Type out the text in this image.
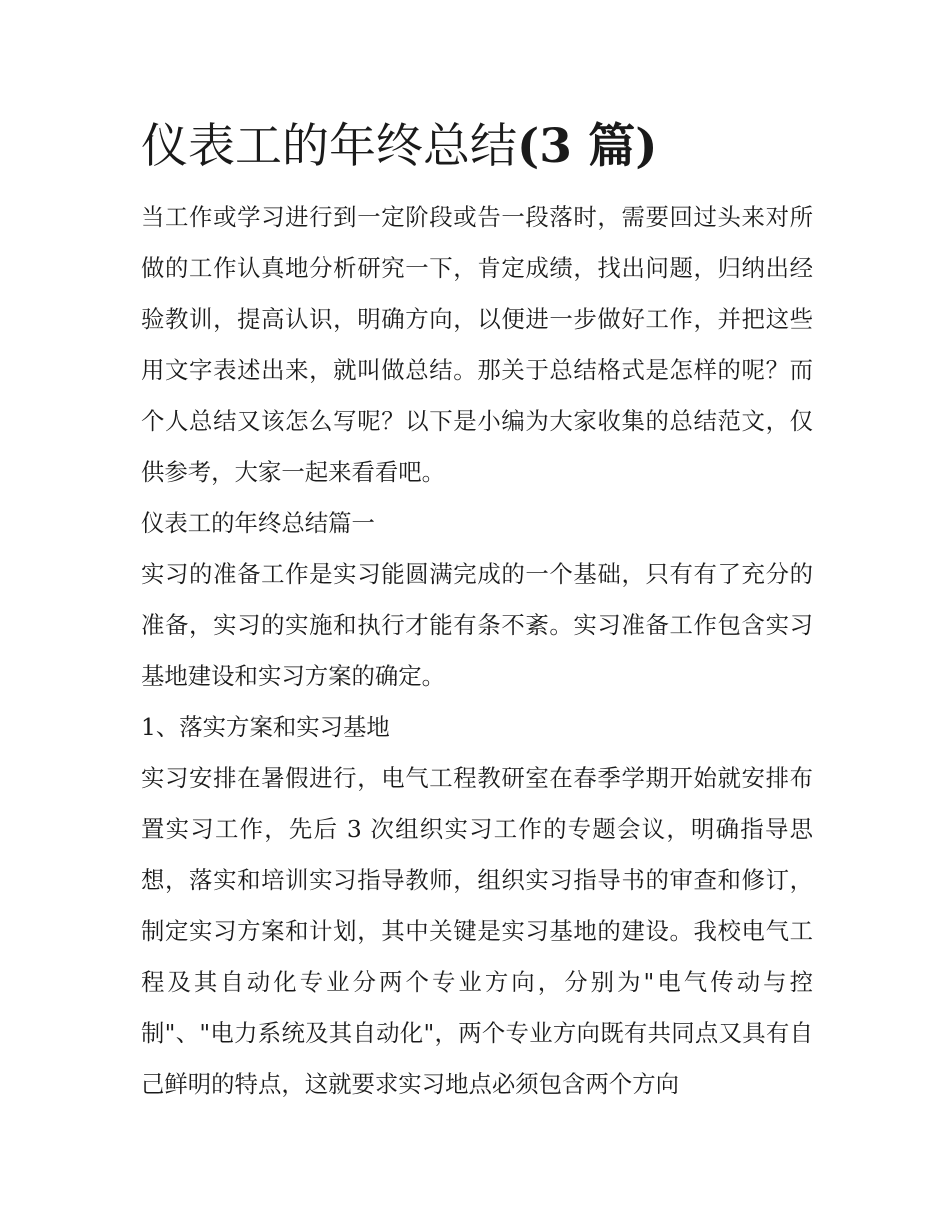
仪表工的年终总结(3 篇)

当工作或学习进行到一定阶段或告一段落时，需要回过头来对所做的工作认真地分析研究一下，肯定成绩，找出问题，归纳出经验教训，提高认识，明确方向，以便进一步做好工作，并把这些用文字表述出来，就叫做总结。那关于总结格式是怎样的呢？而个人总结又该怎么写呢？以下是小编为大家收集的总结范文，仅供参考，大家一起来看看吧。

仪表工的年终总结篇一

实习的准备工作是实习能圆满完成的一个基础，只有有了充分的准备，实习的实施和执行才能有条不紊。实习准备工作包含实习基地建设和实习方案的确定。

1、落实方案和实习基地

实习安排在暑假进行，电气工程教研室在春季学期开始就安排布置实习工作，先后 3 次组织实习工作的专题会议，明确指导思想，落实和培训实习指导教师，组织实习指导书的审查和修订，制定实习方案和计划，其中关键是实习基地的建设。我校电气工程及其自动化专业分两个专业方向，分别为"电气传动与控制"、"电力系统及其自动化"，两个专业方向既有共同点又具有自己鲜明的特点，这就要求实习地点必须包含两个方向
